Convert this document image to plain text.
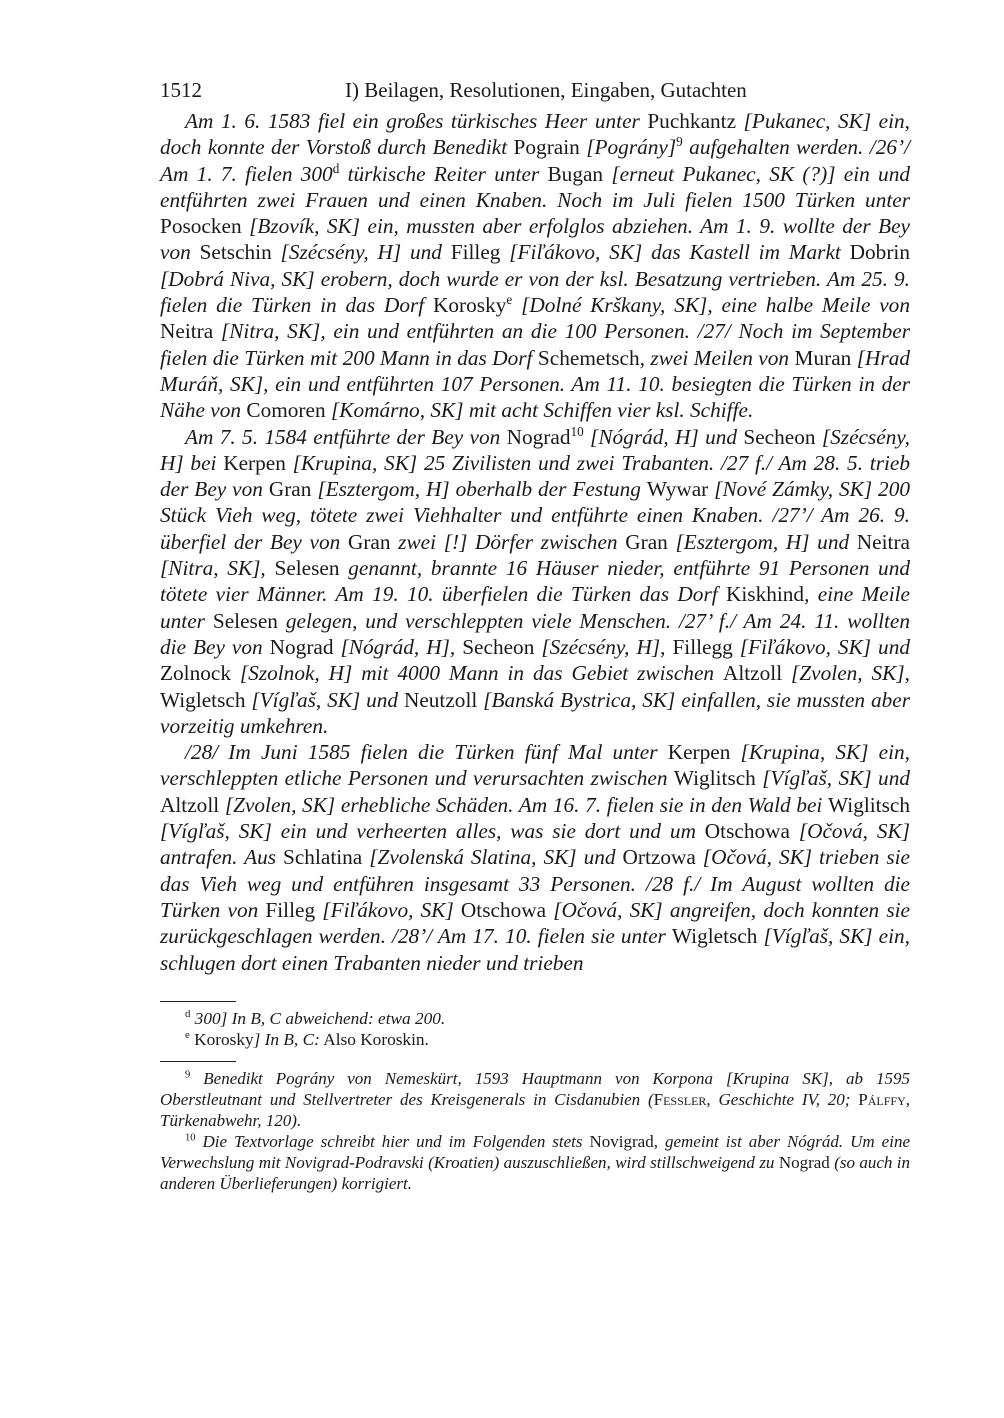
1512	I) Beilagen, Resolutionen, Eingaben, Gutachten

Am 1. 6. 1583 fiel ein großes türkisches Heer unter Puchkantz [Pukanec, SK] ein, doch konnte der Vorstoß durch Benedikt Pograin [Pográny]$^9$ aufgehalten werden. /26’/ Am 1. 7. fielen 300$^d$ türkische Reiter unter Bugan [erneut Pukanec, SK (?)] ein und entführten zwei Frauen und einen Knaben. Noch im Juli fielen 1500 Türken unter Posocken [Bzovík, SK] ein, mussten aber erfolglos abziehen. Am 1. 9. wollte der Bey von Setschin [Szécsény, H] und Filleg [Fiľákovo, SK] das Kastell im Markt Dobrin [Dobrá Niva, SK] erobern, doch wurde er von der ksl. Besatzung vertrieben. Am 25. 9. fielen die Türken in das Dorf Korosky$^e$ [Dolné Krškany, SK], eine halbe Meile von Neitra [Nitra, SK], ein und entführten an die 100 Personen. /27/ Noch im September fielen die Türken mit 200 Mann in das Dorf Schemetsch, zwei Meilen von Muran [Hrad Muráň, SK], ein und entführten 107 Personen. Am 11. 10. besiegten die Türken in der Nähe von Comoren [Komárno, SK] mit acht Schiffen vier ksl. Schiffe.

Am 7. 5. 1584 entführte der Bey von Nograd$^{10}$ [Nógrád, H] und Secheon [Szécsény, H] bei Kerpen [Krupina, SK] 25 Zivilisten und zwei Trabanten. /27 f./ Am 28. 5. trieb der Bey von Gran [Esztergom, H] oberhalb der Festung Wywar [Nové Zámky, SK] 200 Stück Vieh weg, tötete zwei Viehhalter und entführte einen Knaben. /27’/ Am 26. 9. überfiel der Bey von Gran zwei [!] Dörfer zwischen Gran [Esztergom, H] und Neitra [Nitra, SK], Selesen genannt, brannte 16 Häuser nieder, entführte 91 Personen und tötete vier Männer. Am 19. 10. überfielen die Türken das Dorf Kiskhind, eine Meile unter Selesen gelegen, und verschleppten viele Menschen. /27’ f./ Am 24. 11. wollten die Bey von Nograd [Nógrád, H], Secheon [Szécsény, H], Fillegg [Fiľákovo, SK] und Zolnock [Szolnok, H] mit 4000 Mann in das Gebiet zwischen Altzoll [Zvolen, SK], Wigletsch [Vígľaš, SK] und Neutzoll [Banská Bystrica, SK] einfallen, sie mussten aber vorzeitig umkehren.

/28/ Im Juni 1585 fielen die Türken fünf Mal unter Kerpen [Krupina, SK] ein, verschleppten etliche Personen und verursachten zwischen Wiglitsch [Vígľaš, SK] und Altzoll [Zvolen, SK] erhebliche Schäden. Am 16. 7. fielen sie in den Wald bei Wiglitsch [Vígľaš, SK] ein und verheerten alles, was sie dort und um Otschowa [Očová, SK] antrafen. Aus Schlatina [Zvolenská Slatina, SK] und Ortzowa [Očová, SK] trieben sie das Vieh weg und entführen insgesamt 33 Personen. /28 f./ Im August wollten die Türken von Filleg [Fiľákovo, SK] Otschowa [Očová, SK] angreifen, doch konnten sie zurückgeschlagen werden. /28’/ Am 17. 10. fielen sie unter Wigletsch [Vígľaš, SK] ein, schlugen dort einen Trabanten nieder und trieben

$^d$ 300] In B, C abweichend: etwa 200.

$^e$ Korosky] In B, C: Also Koroskin.

$^9$ Benedikt Pográny von Nemeskürt, 1593 Hauptmann von Korpona [Krupina SK], ab 1595 Oberstleutnant und Stellvertreter des Kreisgenerals in Cisdanubien (Fessler, Geschichte IV, 20; Pálffy, Türkenabwehr, 120).

$^{10}$ Die Textvorlage schreibt hier und im Folgenden stets Novigrad, gemeint ist aber Nógrád. Um eine Verwechslung mit Novigrad-Podravski (Kroatien) auszuschließen, wird stillschweigend zu Nograd (so auch in anderen Überlieferungen) korrigiert.
